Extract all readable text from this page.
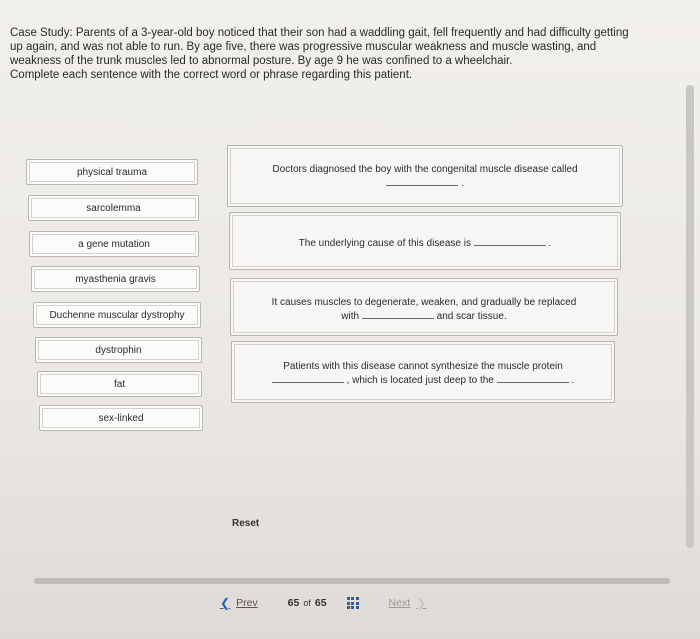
Case Study: Parents of a 3-year-old boy noticed that their son had a waddling gait, fell frequently and had difficulty getting

up again, and was not able to run. By age five, there was progressive muscular weakness and muscle wasting, and

weakness of the trunk muscles led to abnormal posture. By age 9 he was confined to a wheelchair.

Complete each sentence with the correct word or phrase regarding this patient.

physical trauma
sarcolemma
a gene mutation
myasthenia gravis
Duchenne muscular dystrophy
dystrophin
fat
sex-linked
Doctors diagnosed the boy with the congenital muscle disease called
.
The underlying cause of this disease is	.
It causes muscles to degenerate, weaken, and gradually be replaced
with	and scar tissue.
Patients with this disease cannot synthesize the muscle protein
, which is located just deep to the	.
Reset
❮ Prev	65 of 65	Next ❯
